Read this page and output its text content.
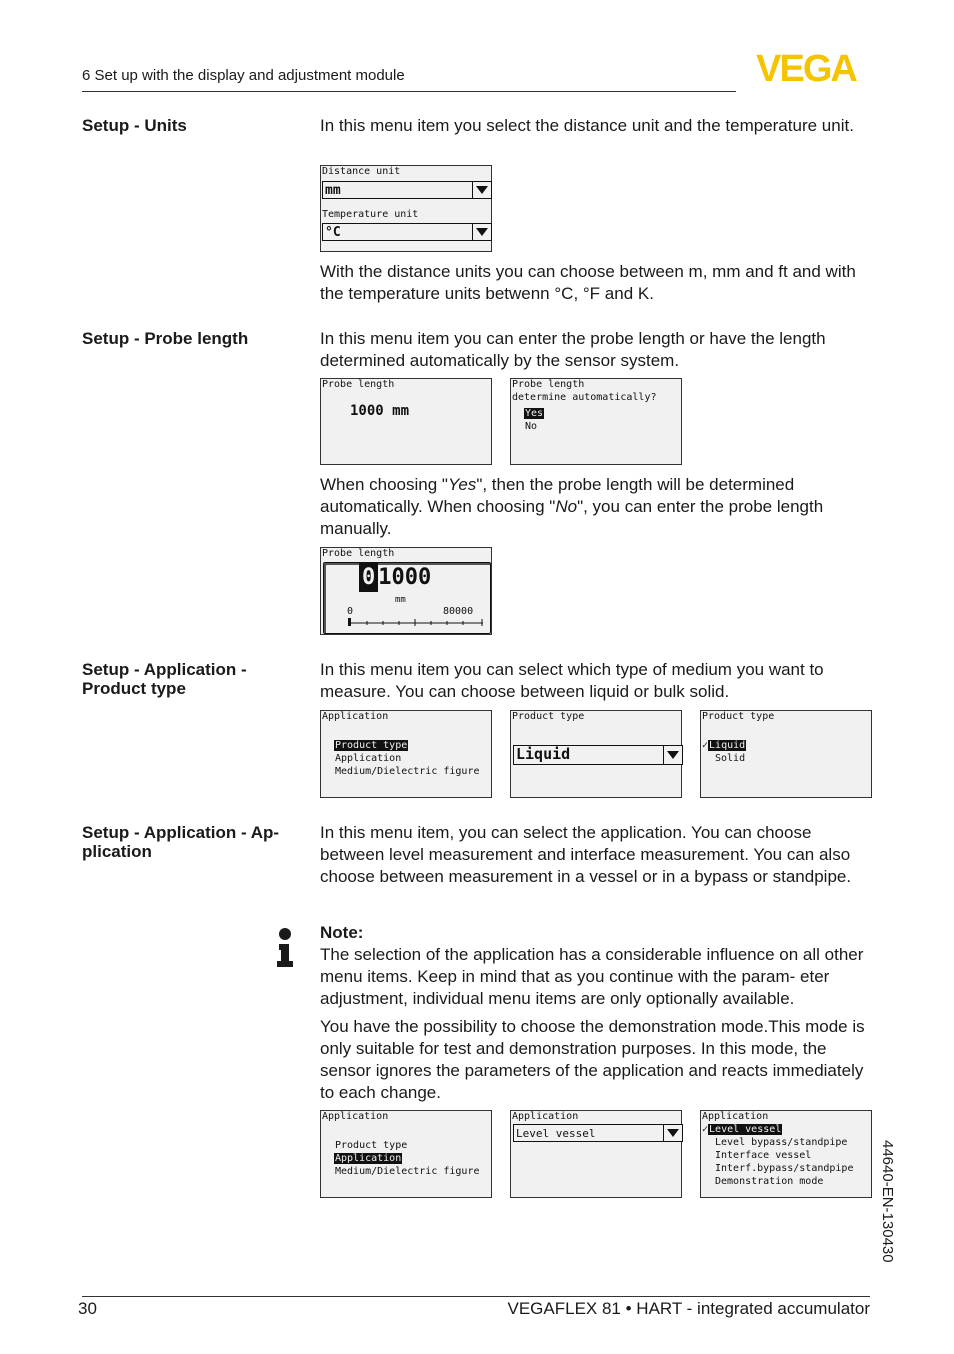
6 Set up with the display and adjustment module	VEGA
Setup - Units	In this menu item you select the distance unit and the temperature unit.
Distance unit
mm
Temperature unit
°C
With the distance units you can choose between m, mm and ft and with the temperature units betwenn °C, °F and K.
Setup - Probe length	In this menu item you can enter the probe length or have the length determined automatically by the sensor system.
Probe length
1000 mm
Probe length
determine automatically?
Yes
No
When choosing "Yes", then the probe length will be determined automatically. When choosing "No", you can enter the probe length manually.
Probe length
0 1000
mm
0	80000
Setup - Application - Product type
In this menu item you can select which type of medium you want to measure. You can choose between liquid or bulk solid.
Application
Product type
Application
Medium/Dielectric figure
Product type
Liquid
Product type
✓Liquid
Solid
Setup - Application - Ap-
plication
In this menu item, you can select the application. You can choose between level measurement and interface measurement. You can also choose between measurement in a vessel or in a bypass or standpipe.

Note:

The selection of the application has a considerable influence on all other menu items. Keep in mind that as you continue with the param- eter adjustment, individual menu items are only optionally available.

You have the possibility to choose the demonstration mode.This mode is only suitable for test and demonstration purposes. In this mode, the sensor ignores the parameters of the application and reacts immediately to each change.

Application
Product type
Application
Medium/Dielectric figure
Application
Level vessel
Application
✓Level vessel
Level bypass/standpipe
Interface vessel
Interf.bypass/standpipe
Demonstration mode	44640-EN-130430
30	VEGAFLEX 81 • HART - integrated accumulator
